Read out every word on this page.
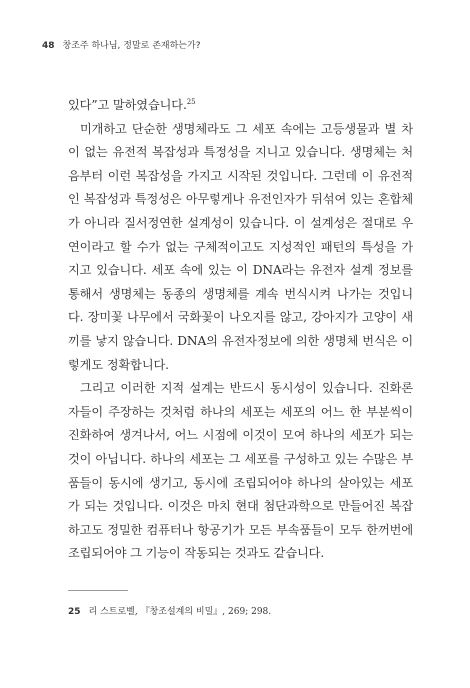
48 창조주 하나님, 정말로 존재하는가?
있다”고 말하였습니다.$^{25}$
미개하고 단순한 생명체라도 그 세포 속에는 고등생물과 별 차
이 없는 유전적 복잡성과 특정성을 지니고 있습니다. 생명체는 처
음부터 이런 복잡성을 가지고 시작된 것입니다. 그런데 이 유전적
인 복잡성과 특정성은 아무렇게나 유전인자가 뒤섞여 있는 혼합체
가 아니라 질서정연한 설계성이 있습니다. 이 설계성은 절대로 우
연이라고 할 수가 없는 구체적이고도 지성적인 패턴의 특성을 가
지고 있습니다. 세포 속에 있는 이 DNA라는 유전자 설계 정보를
통해서 생명체는 동종의 생명체를 계속 번식시켜 나가는 것입니
다. 장미꽃 나무에서 국화꽃이 나오지를 않고, 강아지가 고양이 새
끼를 낳지 않습니다. DNA의 유전자정보에 의한 생명체 번식은 이
렇게도 정확합니다.
그리고 이러한 지적 설계는 반드시 동시성이 있습니다. 진화론
자들이 주장하는 것처럼 하나의 세포는 세포의 어느 한 부분씩이
진화하여 생겨나서, 어느 시점에 이것이 모여 하나의 세포가 되는
것이 아닙니다. 하나의 세포는 그 세포를 구성하고 있는 수많은 부
품들이 동시에 생기고, 동시에 조립되어야 하나의 살아있는 세포
가 되는 것입니다. 이것은 마치 현대 첨단과학으로 만들어진 복잡
하고도 정밀한 컴퓨터나 항공기가 모든 부속품들이 모두 한꺼번에
조립되어야 그 기능이 작동되는 것과도 같습니다.
25 리 스트로벨, 『창조설계의 비밀』, 269; 298.
